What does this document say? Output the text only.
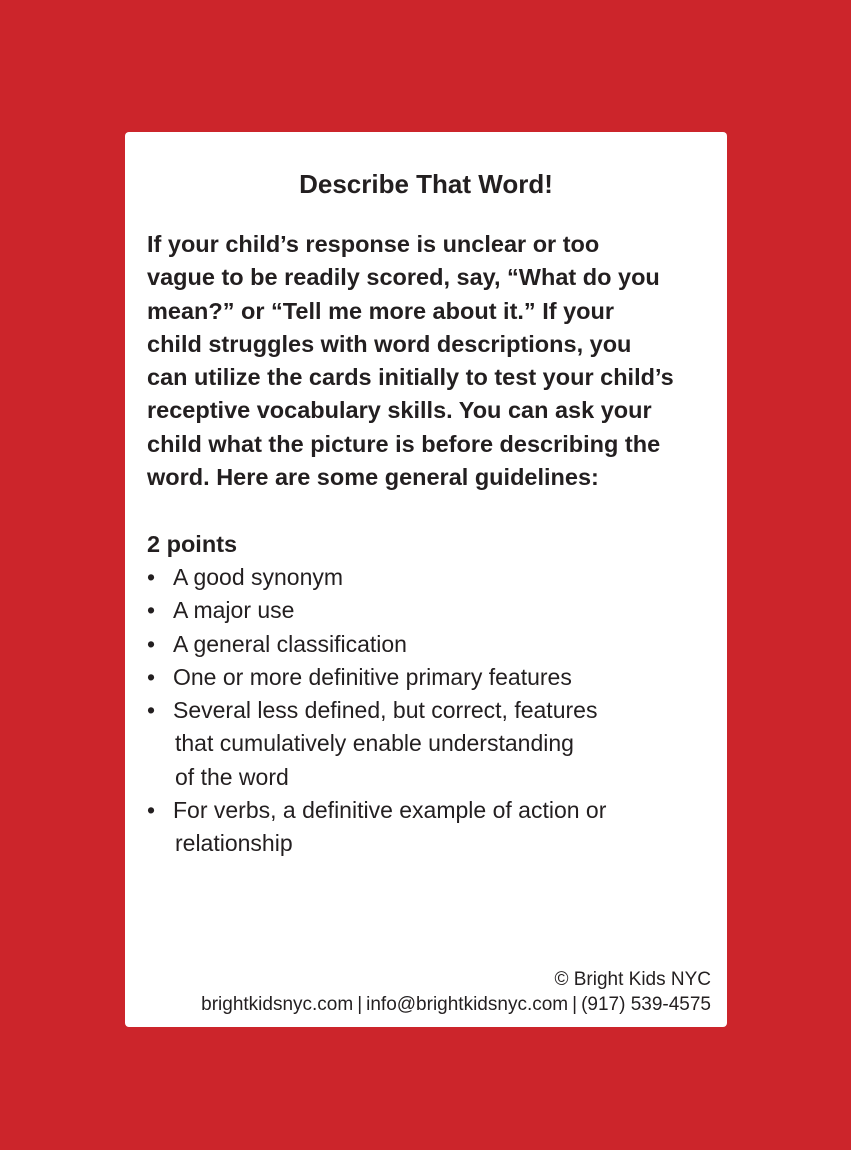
Describe That Word!

If your child’s response is unclear or too
vague to be readily scored, say, “What do you
mean?” or “Tell me more about it.” If your
child struggles with word descriptions, you
can utilize the cards initially to test your child’s
receptive vocabulary skills. You can ask your
child what the picture is before describing the
word. Here are some general guidelines:

2 points
• A good synonym
• A major use
• A general classification
• One or more definitive primary features
• Several less defined, but correct, features
that cumulatively enable understanding
of the word
• For verbs, a definitive example of action or
relationship
© Bright Kids NYC
brightkidsnyc.com | info@brightkidsnyc.com | (917) 539-4575
